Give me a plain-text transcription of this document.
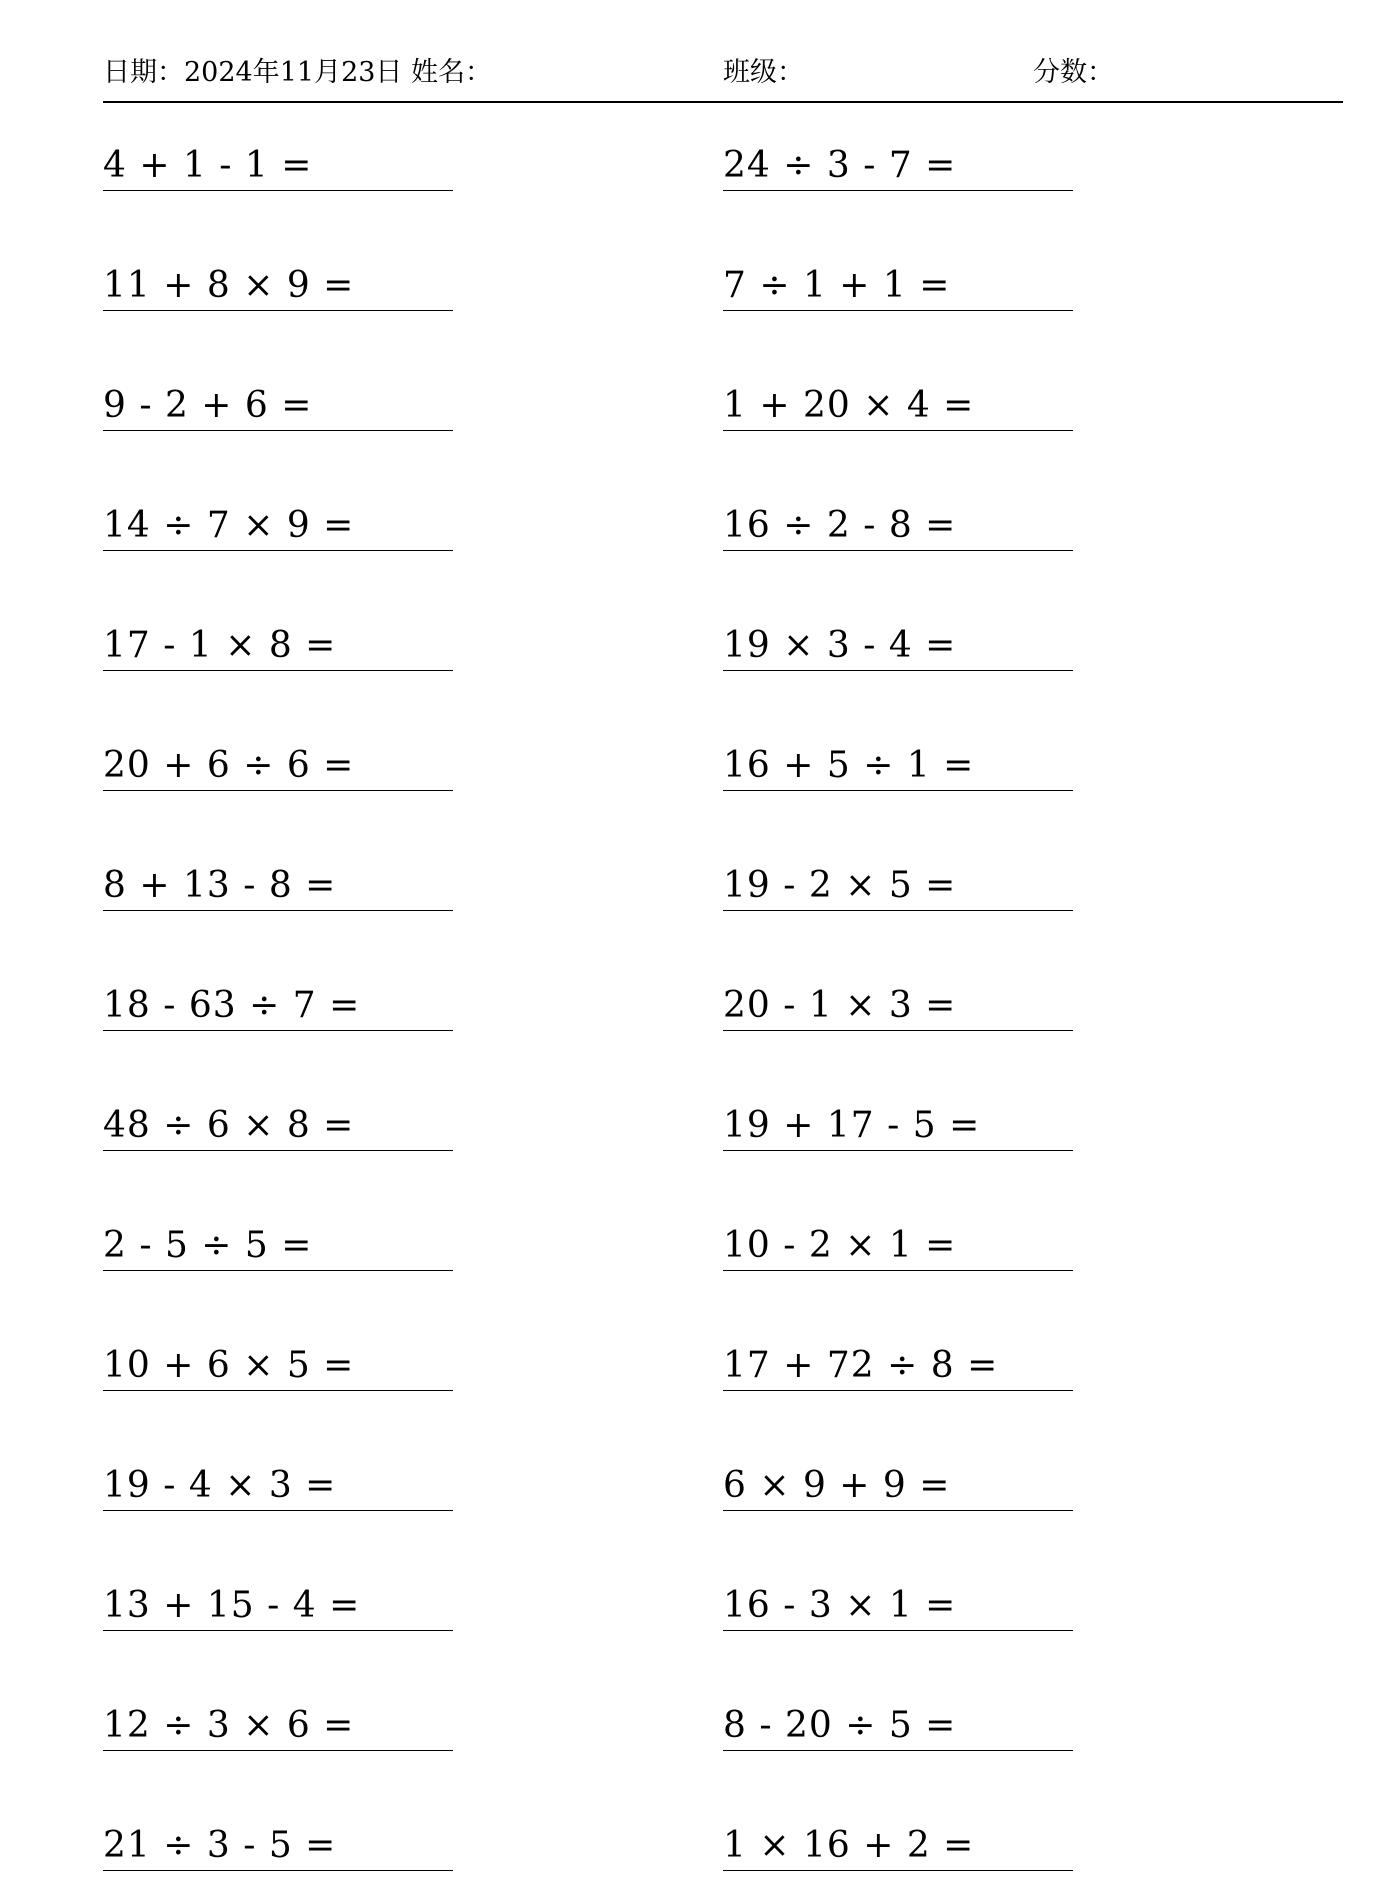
日期：2024年11月23日 姓名：	班级：	分数：
4 + 1 - 1 =
11 + 8 × 9 =
9 - 2 + 6 =
14 ÷ 7 × 9 =
17 - 1 × 8 =
20 + 6 ÷ 6 =
8 + 13 - 8 =
18 - 63 ÷ 7 =
48 ÷ 6 × 8 =
2 - 5 ÷ 5 =
10 + 6 × 5 =
19 - 4 × 3 =
13 + 15 - 4 =
12 ÷ 3 × 6 =
21 ÷ 3 - 5 =
24 ÷ 3 - 7 =
7 ÷ 1 + 1 =
1 + 20 × 4 =
16 ÷ 2 - 8 =
19 × 3 - 4 =
16 + 5 ÷ 1 =
19 - 2 × 5 =
20 - 1 × 3 =
19 + 17 - 5 =
10 - 2 × 1 =
17 + 72 ÷ 8 =
6 × 9 + 9 =
16 - 3 × 1 =
8 - 20 ÷ 5 =
1 × 16 + 2 =
